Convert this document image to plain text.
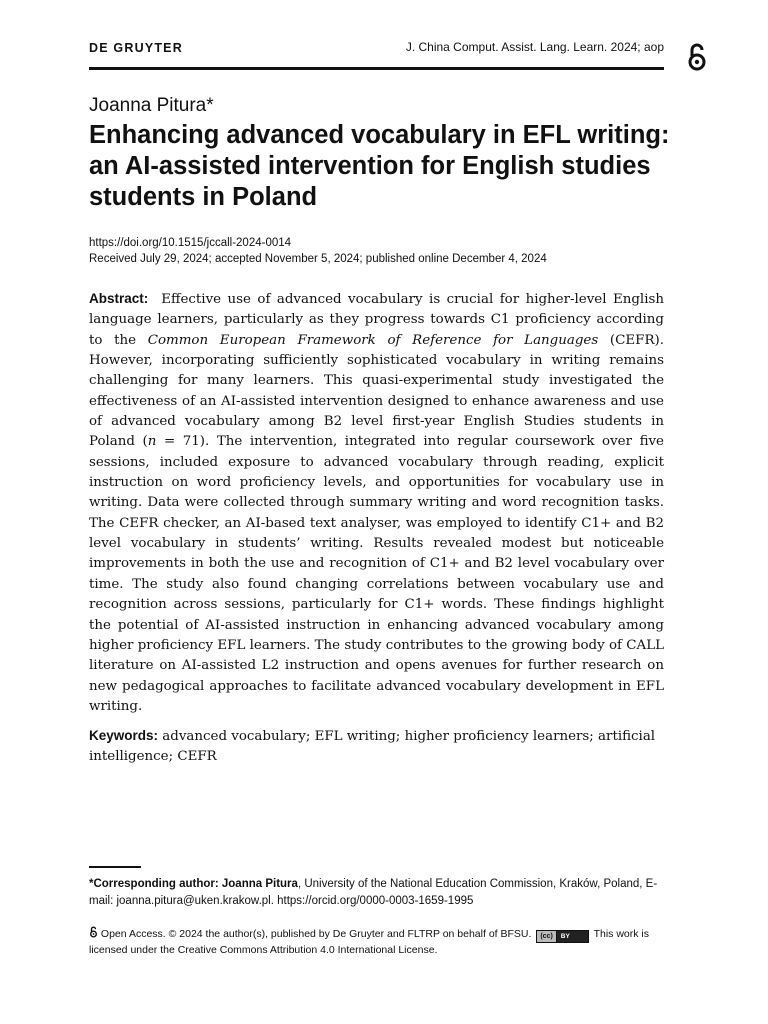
DE GRUYTER	J. China Comput. Assist. Lang. Learn. 2024; aop
Joanna Pitura*
Enhancing advanced vocabulary in EFL writing: an AI-assisted intervention for English studies students in Poland
https://doi.org/10.1515/jccall-2024-0014
Received July 29, 2024; accepted November 5, 2024; published online December 4, 2024

Abstract: Effective use of advanced vocabulary is crucial for higher-level English language learners, particularly as they progress towards C1 proficiency according to the Common European Framework of Reference for Languages (CEFR). However, incorporating sufficiently sophisticated vocabulary in writing remains challenging for many learners. This quasi-experimental study investigated the effectiveness of an AI-assisted intervention designed to enhance awareness and use of advanced vocabulary among B2 level first-year English Studies students in Poland (n = 71). The intervention, integrated into regular coursework over five sessions, included exposure to advanced vocabulary through reading, explicit instruction on word proficiency levels, and opportunities for vocabulary use in writing. Data were collected through summary writing and word recognition tasks. The CEFR checker, an AI-based text analyser, was employed to identify C1+ and B2 level vocabulary in students’ writing. Results revealed modest but noticeable improvements in both the use and recognition of C1+ and B2 level vocabulary over time. The study also found changing correlations between vocabulary use and recognition across sessions, particularly for C1+ words. These findings highlight the potential of AI-assisted instruction in enhancing advanced vocabulary among higher proficiency EFL learners. The study contributes to the growing body of CALL literature on AI-assisted L2 instruction and opens avenues for further research on new pedagogical approaches to facilitate advanced vocabulary development in EFL writing.

Keywords: advanced vocabulary; EFL writing; higher proficiency learners; artificial intelligence; CEFR

*Corresponding author: Joanna Pitura, University of the National Education Commission, Kraków, Poland, E-mail: joanna.pitura@uken.krakow.pl. https://orcid.org/0000-0003-1659-1995

Open Access. © 2024 the author(s), published by De Gruyter and FLTRP on behalf of BFSU.	(cc)	BY	This work is licensed under the Creative Commons Attribution 4.0 International License.
